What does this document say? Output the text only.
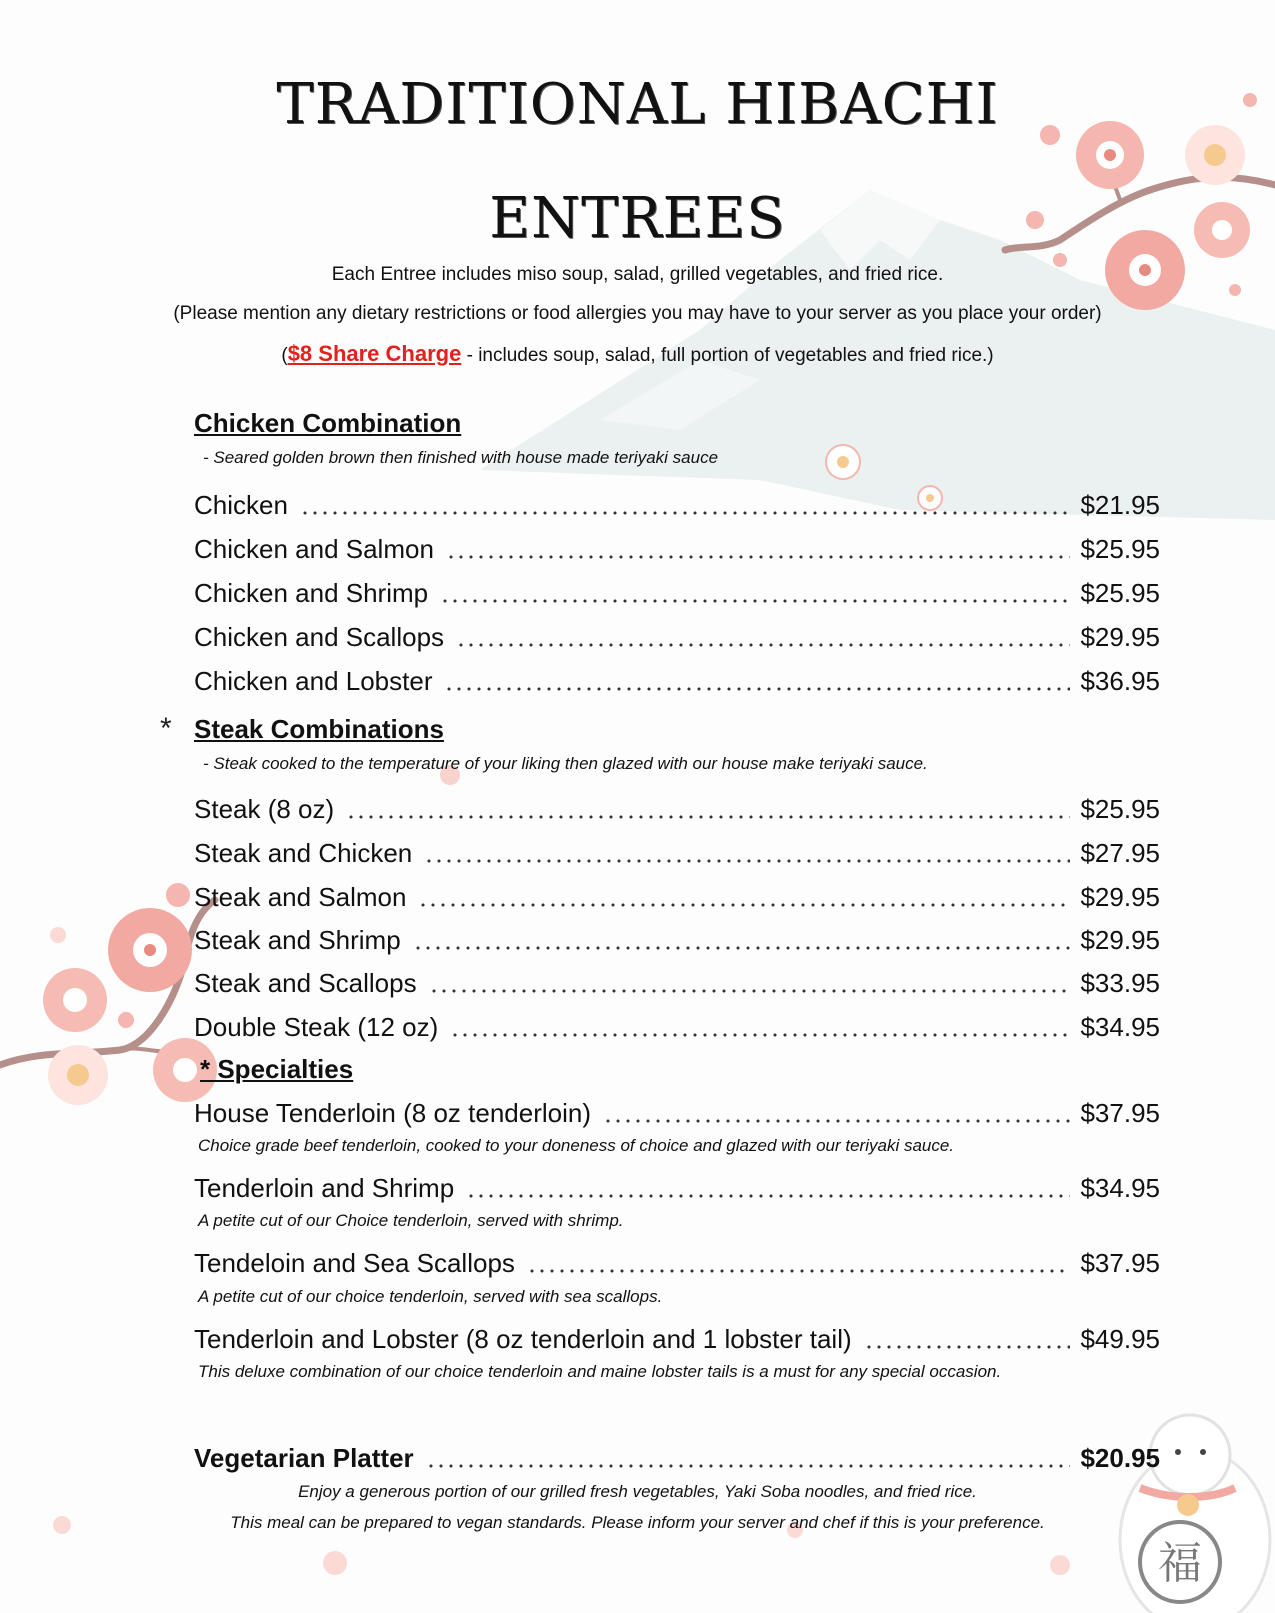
福
TRADITIONAL HIBACHI
ENTREES
Each Entree includes miso soup, salad, grilled vegetables, and fried rice.
(Please mention any dietary restrictions or food allergies you may have to your server as you place your order)
($8 Share Charge - includes soup, salad, full portion of vegetables and fried rice.)
Chicken Combination
- Seared golden brown then finished with house made teriyaki sauce
Chicken	$21.95
Chicken and Salmon	$25.95
Chicken and Shrimp	$25.95
Chicken and Scallops	$29.95
Chicken and Lobster	$36.95
* Steak Combinations
- Steak cooked to the temperature of your liking then glazed with our house make teriyaki sauce.
Steak (8 oz)	$25.95
Steak and Chicken	$27.95
Steak and Salmon	$29.95
Steak and Shrimp	$29.95
Steak and Scallops	$33.95
Double Steak (12 oz)	$34.95
* Specialties
House Tenderloin (8 oz tenderloin)	$37.95
Choice grade beef tenderloin, cooked to your doneness of choice and glazed with our teriyaki sauce.
Tenderloin and Shrimp	$34.95
A petite cut of our Choice tenderloin, served with shrimp.
Tendeloin and Sea Scallops	$37.95
A petite cut of our choice tenderloin, served with sea scallops.
Tenderloin and Lobster (8 oz tenderloin and 1 lobster tail)	$49.95
This deluxe combination of our choice tenderloin and maine lobster tails is a must for any special occasion.
Vegetarian Platter	$20.95
Enjoy a generous portion of our grilled fresh vegetables, Yaki Soba noodles, and fried rice.
This meal can be prepared to vegan standards. Please inform your server and chef if this is your preference.
